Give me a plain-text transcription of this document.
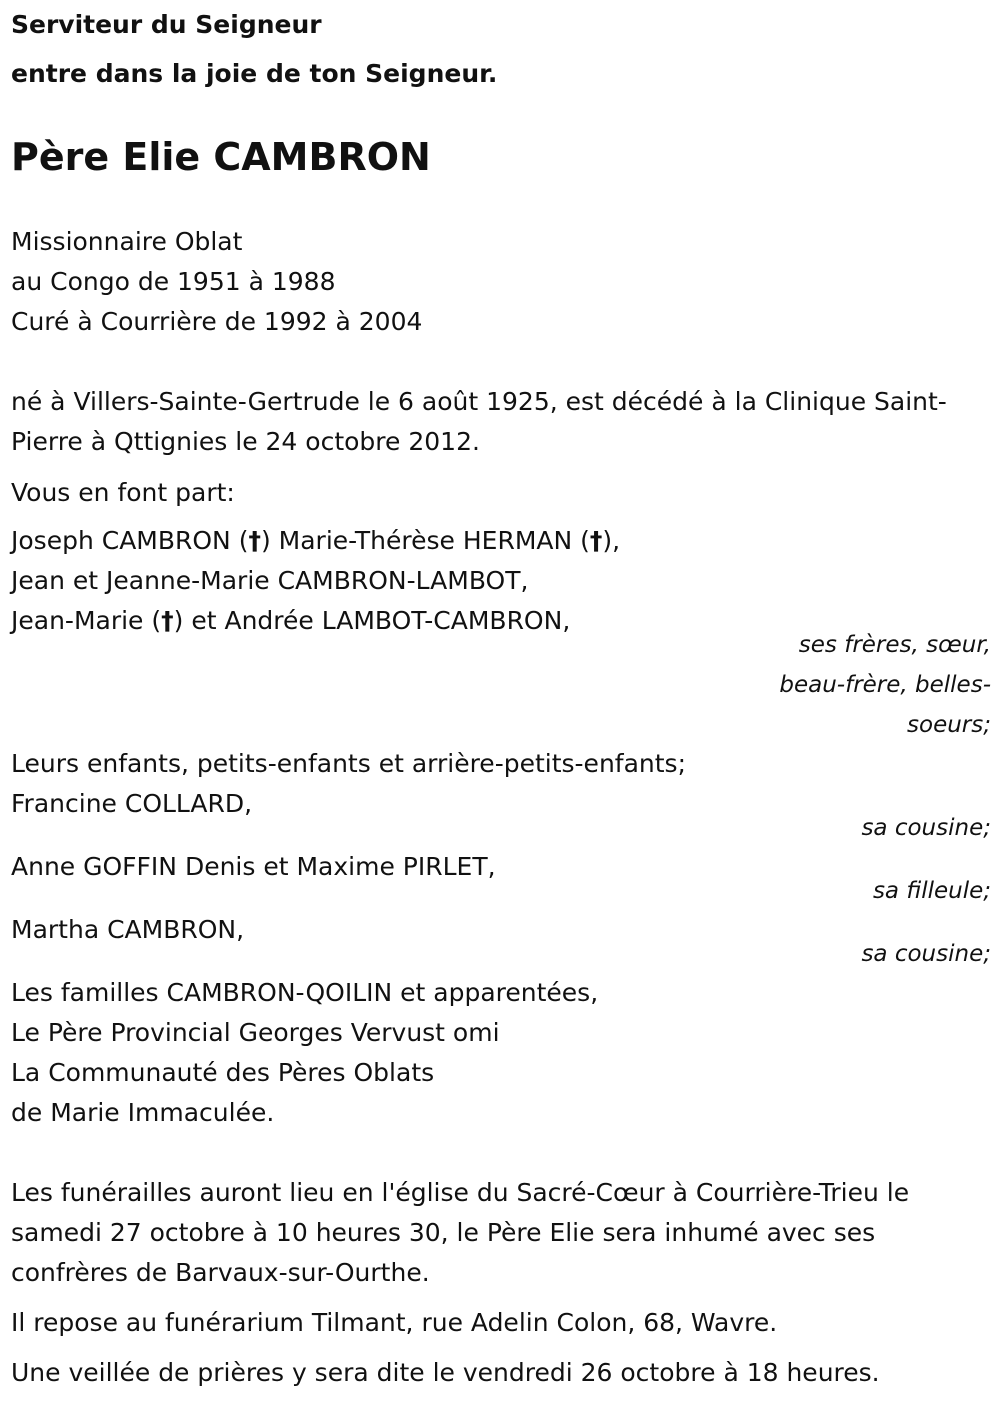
Serviteur du Seigneur
entre dans la joie de ton Seigneur.
Père Elie CAMBRON
Missionnaire Oblat
au Congo de 1951 à 1988
Curé à Courrière de 1992 à 2004
né à Villers-Sainte-Gertrude le 6 août 1925, est décédé à la Clinique Saint-
Pierre à Qttignies le 24 octobre 2012.
Vous en font part:
Joseph CAMBRON (†) Marie-Thérèse HERMAN (†),
Jean et Jeanne-Marie CAMBRON-LAMBOT,
Jean-Marie (†) et Andrée LAMBOT-CAMBRON,
ses frères, sœur,
beau-frère, belles-
soeurs;
Leurs enfants, petits-enfants et arrière-petits-enfants;
Francine COLLARD,
sa cousine;
Anne GOFFIN Denis et Maxime PIRLET,
sa filleule;
Martha CAMBRON,
sa cousine;
Les familles CAMBRON-QOILIN et apparentées,
Le Père Provincial Georges Vervust omi
La Communauté des Pères Oblats
de Marie Immaculée.
Les funérailles auront lieu en l'église du Sacré-Cœur à Courrière-Trieu le
samedi 27 octobre à 10 heures 30, le Père Elie sera inhumé avec ses
confrères de Barvaux-sur-Ourthe.
Il repose au funérarium Tilmant, rue Adelin Colon, 68, Wavre.
Une veillée de prières y sera dite le vendredi 26 octobre à 18 heures.
